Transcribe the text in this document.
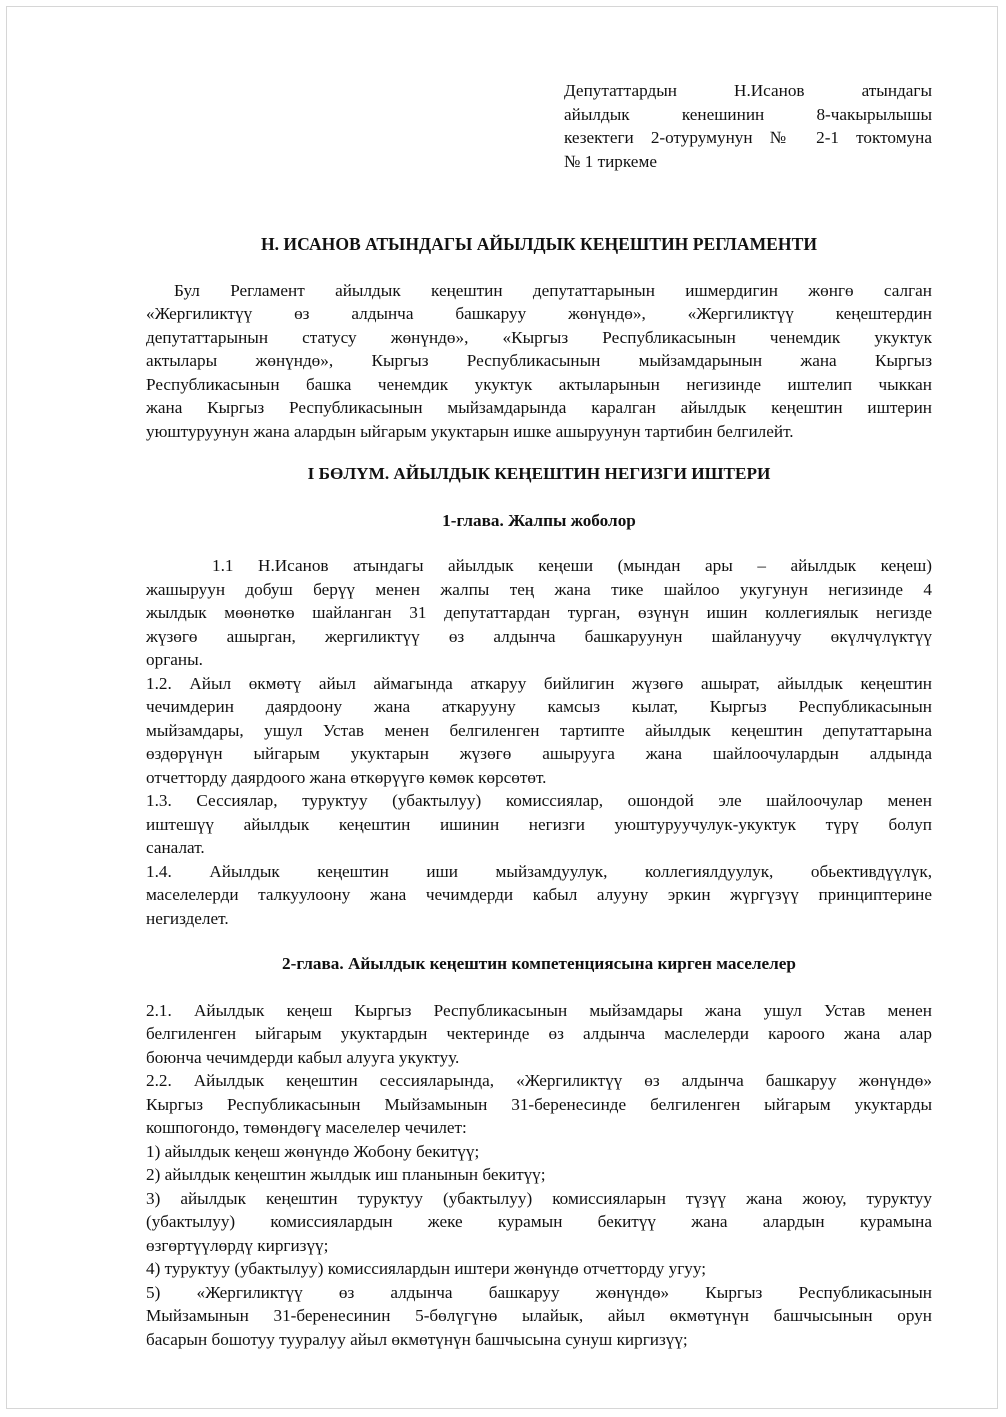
Депутаттардын Н.Исанов атындагы

айылдык кенешинин 8-чакырылышы

кезектеги 2-отурумунун № 2-1 токтомуна

№ 1 тиркеме

Н. ИСАНОВ АТЫНДАГЫ АЙЫЛДЫК КЕҢЕШТИН РЕГЛАМЕНТИ

Бул Регламент айылдык кеңештин депутаттарынын ишмердигин жөнгө салган

«Жергиликтүү өз алдынча башкаруу жөнүндө», «Жергиликтүү кеңештердин

депутаттарынын статусу жөнүндө», «Кыргыз Республикасынын ченемдик укуктук

актылары жөнүндө», Кыргыз Республикасынын мыйзамдарынын жана Кыргыз

Республикасынын башка ченемдик укуктук актыларынын негизинде иштелип чыккан

жана Кыргыз Республикасынын мыйзамдарында каралган айылдык кеңештин иштерин

уюштуруунун жана алардын ыйгарым укуктарын ишке ашыруунун тартибин белгилейт.

I БӨЛҮМ. АЙЫЛДЫК КЕҢЕШТИН НЕГИЗГИ ИШТЕРИ

1-глава. Жалпы жоболор

1.1 Н.Исанов атындагы айылдык кеңеши (мындан ары – айылдык кеңеш)

жашыруун добуш берүү менен жалпы тең жана тике шайлоо укугунун негизинде 4

жылдык мөөнөткө шайланган 31 депутаттардан турган, өзүнүн ишин коллегиялык негизде

жүзөгө ашырган, жергиликтүү өз алдынча башкаруунун шайлануучу өкүлчүлүктүү

органы.

1.2. Айыл өкмөтү айыл аймагында аткаруу бийлигин жүзөгө ашырат, айылдык кеңештин

чечимдерин даярдоону жана аткарууну камсыз кылат, Кыргыз Республикасынын

мыйзамдары, ушул Устав менен белгиленген тартипте айылдык кеңештин депутаттарына

өздөрүнүн ыйгарым укуктарын жүзөгө ашырууга жана шайлоочулардын алдында

отчетторду даярдоого жана өткөрүүгө көмөк көрсөтөт.

1.3. Сессиялар, туруктуу (убактылуу) комиссиялар, ошондой эле шайлоочулар менен

иштешүү айылдык кеңештин ишинин негизги уюштуруучулук-укуктук түрү болуп

саналат.

1.4. Айылдык кеңештин иши мыйзамдуулук, коллегиялдуулук, обьективдүүлүк,

маселелерди талкуулоону жана чечимдерди кабыл алууну эркин жүргүзүү принциптерине

негизделет.

2-глава. Айылдык кеңештин компетенциясына кирген маселелер

2.1. Айылдык кеңеш Кыргыз Республикасынын мыйзамдары жана ушул Устав менен

белгиленген ыйгарым укуктардын чектеринде өз алдынча маслелерди кароого жана алар

боюнча чечимдерди кабыл алууга укуктуу.

2.2. Айылдык кеңештин сессияларында, «Жергиликтүү өз алдынча башкаруу жөнүндө»

Кыргыз Республикасынын Мыйзамынын 31-беренесинде белгиленген ыйгарым укуктарды

кошпогондо, төмөндөгү маселелер чечилет:

1) айылдык кеңеш жөнүндө Жобону бекитүү;

2) айылдык кеңештин жылдык иш планынын бекитүү;

3) айылдык кеңештин туруктуу (убактылуу) комиссияларын түзүү жана жоюу, туруктуу

(убактылуу) комиссиялардын жеке курамын бекитүү жана алардын курамына

өзгөртүүлөрдү киргизүү;

4) туруктуу (убактылуу) комиссиялардын иштери жөнүндө отчетторду угуу;

5) «Жергиликтүү өз алдынча башкаруу жөнүндө» Кыргыз Республикасынын

Мыйзамынын 31-беренесинин 5-бөлүгүнө ылайык, айыл өкмөтүнүн башчысынын орун

басарын бошотуу тууралуу айыл өкмөтүнүн башчысына сунуш киргизүү;
